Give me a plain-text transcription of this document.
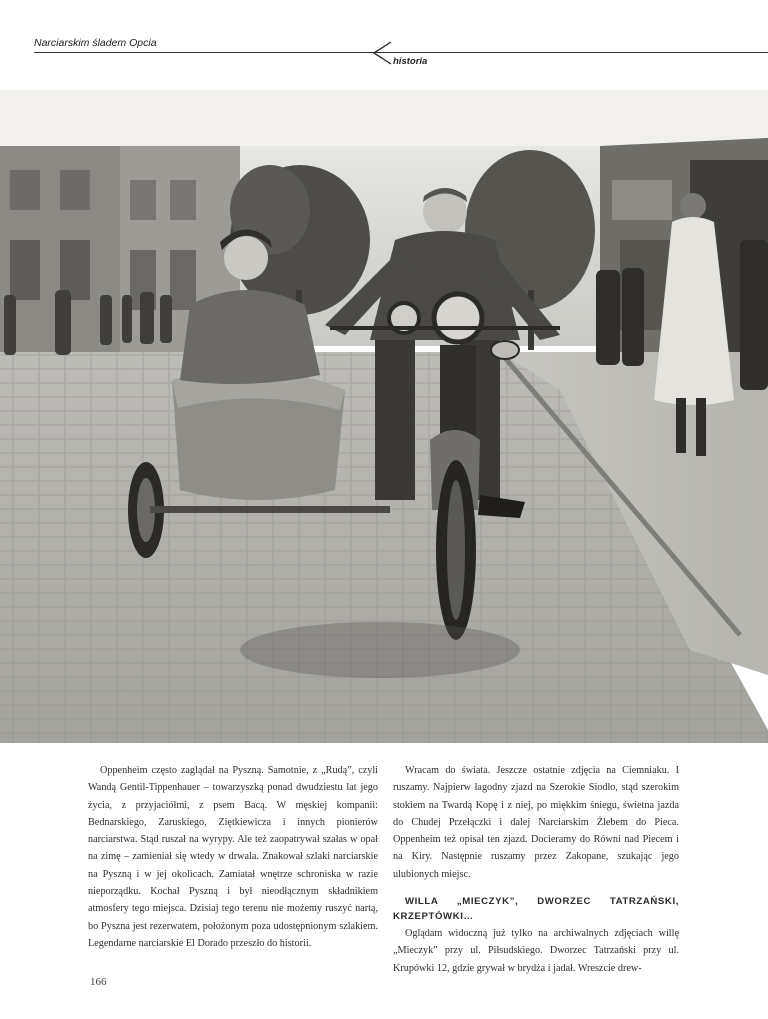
Narciarskim śladem Opcia
historia

Oppenheim często zaglądał na Pyszną. Samotnie, z „Rudą”, czyli Wandą Gentil-Tippenhauer – towarzyszką ponad dwudziestu lat jego życia, z przyjaciółmi, z psem Bacą. W męskiej kompanii: Bednarskiego, Zaruskiego, Ziętkiewicza i innych pionierów narciarstwa. Stąd ruszał na wyrypy. Ale też zaopatrywał szałas w opał na zimę – zamieniał się wtedy w drwala. Znakował szlaki narciarskie na Pyszną i w jej okolicach. Zamiatał wnętrze schroniska w razie nieporządku. Kochał Pyszną i był nieodłącznym składnikiem atmosfery tego miejsca. Dzisiaj tego terenu nie możemy ruszyć nartą, bo Pyszna jest rezerwatem, położonym poza udostępnionym szlakiem. Legendarne narciarskie El Dorado przeszło do historii.

Wracam do świata. Jeszcze ostatnie zdjęcia na Ciemniaku. I ruszamy. Najpierw łagodny zjazd na Szerokie Siodło, stąd szerokim stokiem na Twardą Kopę i z niej, po miękkim śniegu, świetna jazda do Chudej Przełączki i dalej Narciarskim Żlebem do Pieca. Oppenheim też opisał ten zjazd. Docieramy do Równi nad Piecem i na Kiry. Następnie ruszamy przez Zakopane, szukając jego ulubionych miejsc.

WILLA „MIECZYK”, DWORZEC TATRZAŃSKI, KRZEPTÓWKI…

Oglądam widoczną już tylko na archiwalnych zdjęciach willę „Mieczyk” przy ul. Piłsudskiego. Dworzec Tatrzański przy ul. Krupówki 12, gdzie grywał w brydża i jadał. Wreszcie drew-

166
